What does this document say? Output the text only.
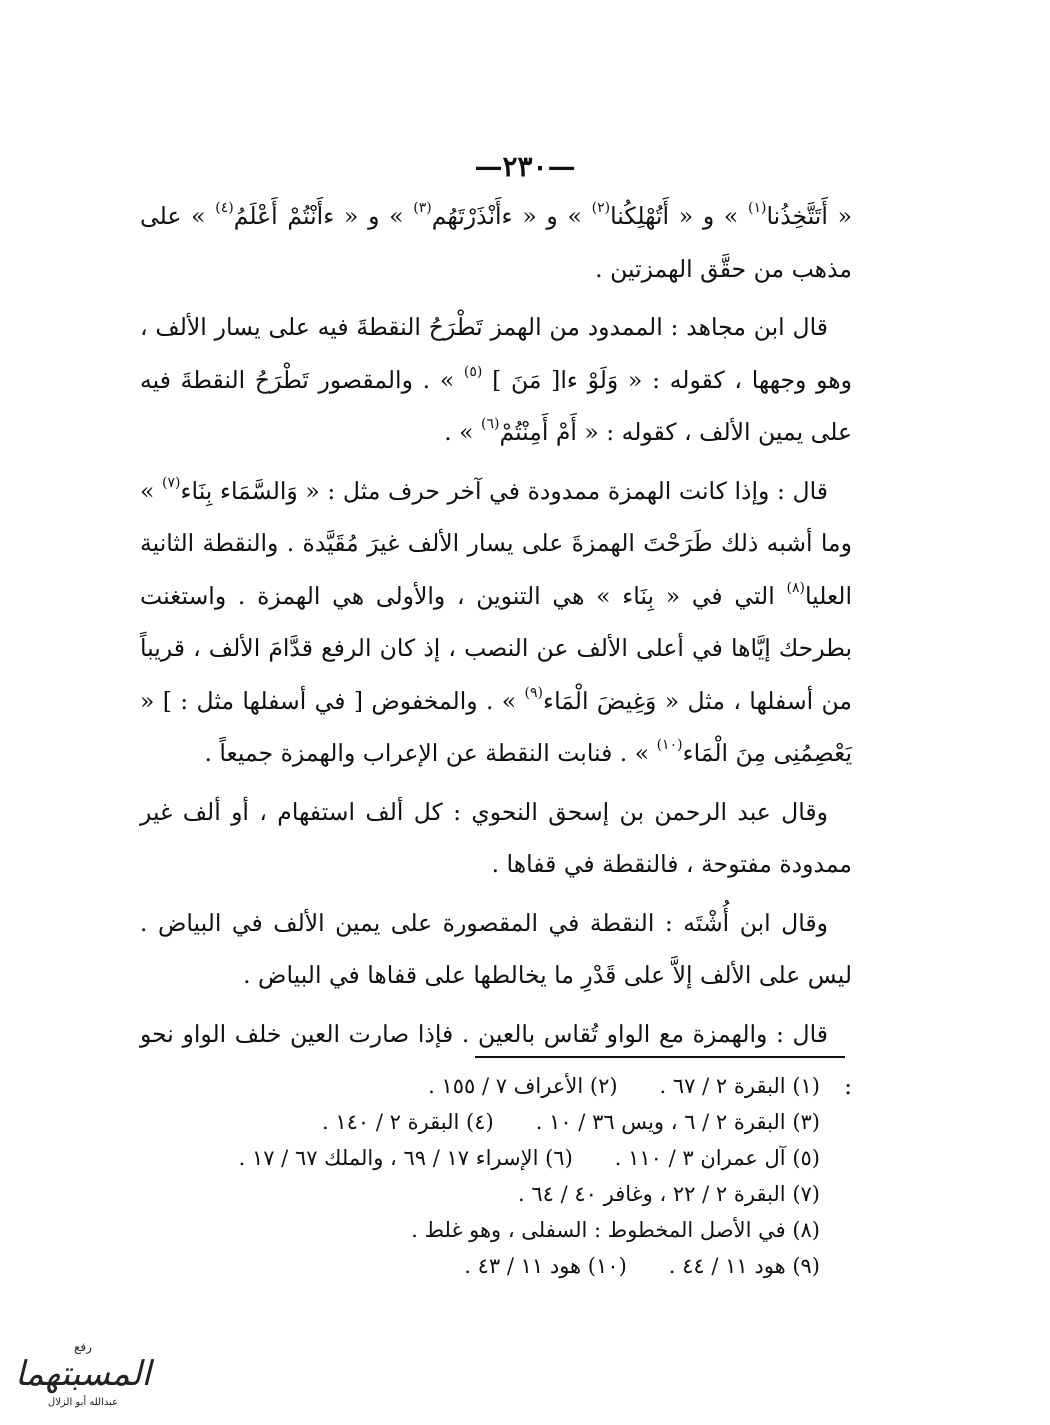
—٢٣٠—

« أَتَتَّخِذُنا$^{(١)}$ » و « أَتُهْلِكُنا$^{(٢)}$ » و « ءأَنْذَرْتَهُم$^{(٣)}$ » و « ءأَنْتُمْ أَعْلَمُ$^{(٤)}$ » على مذهب من حقَّق الهمزتين .

قال ابن مجاهد : الممدود من الهمز تَطْرَحُ النقطةَ فيه على يسار الألف ، وهو وجهها ، كقوله : « وَلَوْ ءا[ مَنَ ] $^{(٥)}$ » . والمقصور تَطْرَحُ النقطةَ فيه على يمين الألف ، كقوله : « أَمْ أَمِنْتُمْ$^{(٦)}$ » .

قال : وإذا كانت الهمزة ممدودة في آخر حرف مثل : « وَالسَّمَاء بِنَاء$^{(٧)}$ » وما أشبه ذلك طَرَحْتَ الهمزةَ على يسار الألف غيرَ مُقَيَّدة . والنقطة الثانية العليا$^{(٨)}$ التي في « بِنَاء » هي التنوين ، والأولى هي الهمزة . واستغنت بطرحك إيَّاها في أعلى الألف عن النصب ، إذ كان الرفع قدَّامَ الألف ، قريباً من أسفلها ، مثل « وَغِيضَ الْمَاء$^{(٩)}$ » . والمخفوض [ في أسفلها مثل : ] « يَعْصِمُنِى مِنَ الْمَاء$^{(١٠)}$ » . فنابت النقطة عن الإعراب والهمزة جميعاً .

وقال عبد الرحمن بن إسحق النحوي : كل ألف استفهام ، أو ألف غير ممدودة مفتوحة ، فالنقطة في قفاها .

وقال ابن أُشْتَه : النقطة في المقصورة على يمين الألف في البياض . ليس على الألف إلاَّ على قَدْرِ ما يخالطها على قفاها في البياض .

قال : والهمزة مع الواو تُقاس بالعين . فإذا صارت العين خلف الواو نحو :

(١) البقرة ٢ / ٦٧ .(٢) الأعراف ٧ / ١٥٥ .
(٣) البقرة ٢ / ٦ ، ويس ٣٦ / ١٠ .(٤) البقرة ٢ / ١٤٠ .
(٥) آل عمران ٣ / ١١٠ .(٦) الإسراء ١٧ / ٦٩ ، والملك ٦٧ / ١٧ .
(٧) البقرة ٢ / ٢٢ ، وغافر ٤٠ / ٦٤ .
(٨) في الأصل المخطوط : السفلى ، وهو غلط .
(٩) هود ١١ / ٤٤ .(١٠) هود ١١ / ٤٣ .
رفع
المسبتهما
عبدالله أبو الزلال
